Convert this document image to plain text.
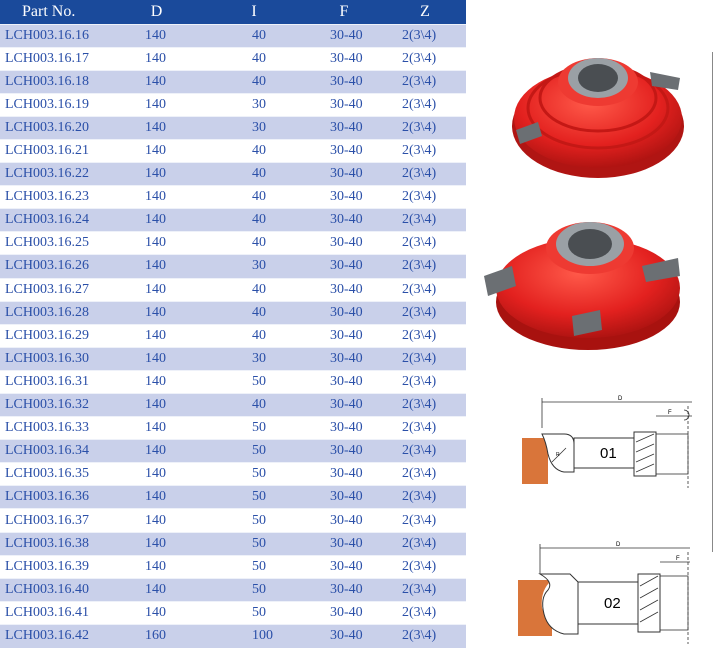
Part No.	D	I	F	Z
LCH003.16.16	140	40	30-40	2(3\4)
LCH003.16.17	140	40	30-40	2(3\4)
LCH003.16.18	140	40	30-40	2(3\4)
LCH003.16.19	140	30	30-40	2(3\4)
LCH003.16.20	140	30	30-40	2(3\4)
LCH003.16.21	140	40	30-40	2(3\4)
LCH003.16.22	140	40	30-40	2(3\4)
LCH003.16.23	140	40	30-40	2(3\4)
LCH003.16.24	140	40	30-40	2(3\4)
LCH003.16.25	140	40	30-40	2(3\4)
LCH003.16.26	140	30	30-40	2(3\4)
LCH003.16.27	140	40	30-40	2(3\4)
LCH003.16.28	140	40	30-40	2(3\4)
LCH003.16.29	140	40	30-40	2(3\4)
LCH003.16.30	140	30	30-40	2(3\4)
LCH003.16.31	140	50	30-40	2(3\4)
LCH003.16.32	140	40	30-40	2(3\4)
LCH003.16.33	140	50	30-40	2(3\4)
LCH003.16.34	140	50	30-40	2(3\4)
LCH003.16.35	140	50	30-40	2(3\4)
LCH003.16.36	140	50	30-40	2(3\4)
LCH003.16.37	140	50	30-40	2(3\4)
LCH003.16.38	140	50	30-40	2(3\4)
LCH003.16.39	140	50	30-40	2(3\4)
LCH003.16.40	140	50	30-40	2(3\4)
LCH003.16.41	140	50	30-40	2(3\4)
LCH003.16.42	160	100	30-40	2(3\4)
D
F
R	01
D
F
02
